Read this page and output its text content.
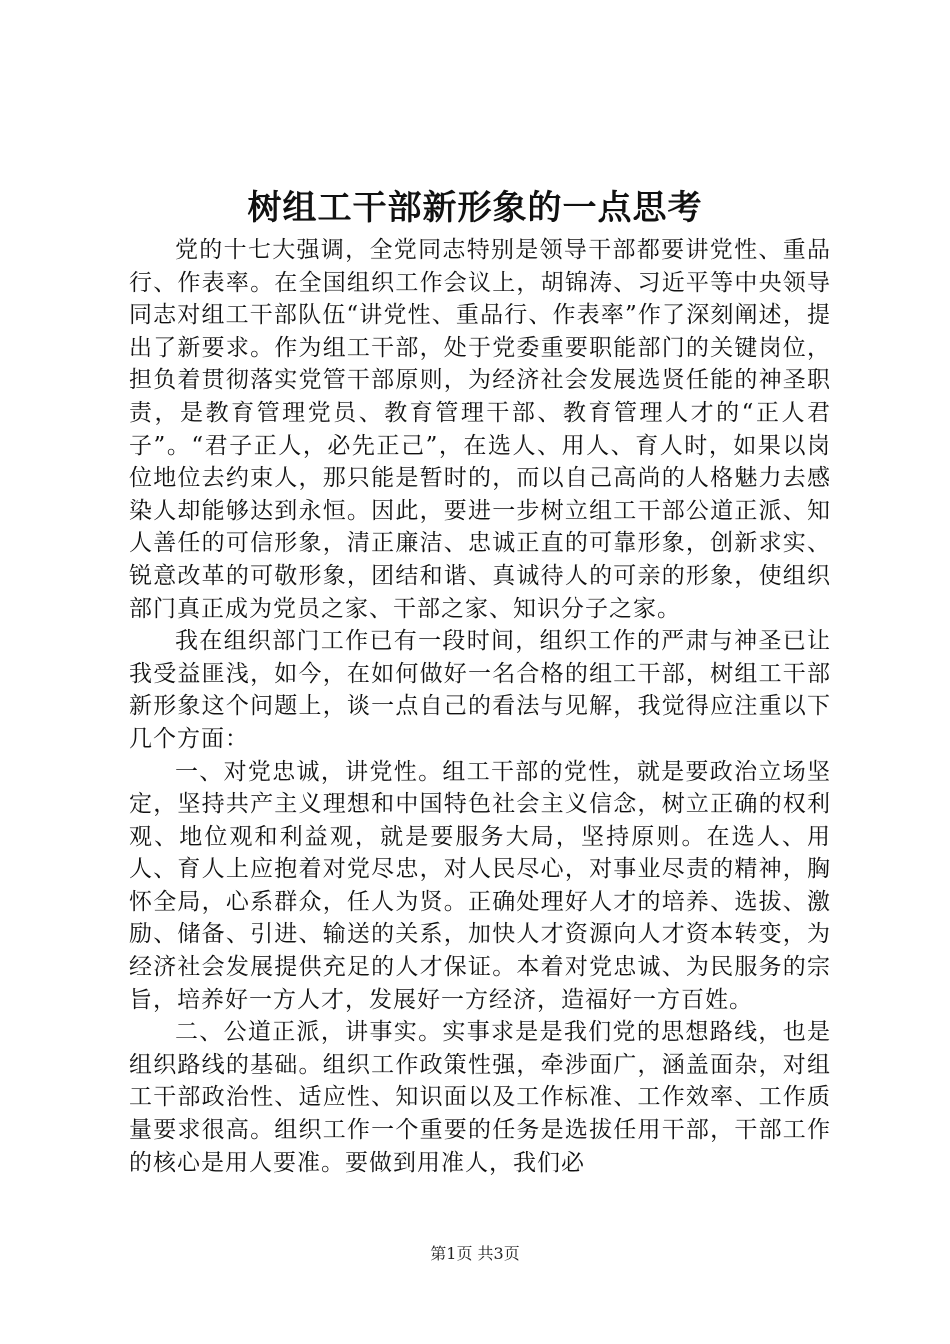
树组工干部新形象的一点思考

党的十七大强调，全党同志特别是领导干部都要讲党性、重品行、作表率。在全国组织工作会议上，胡锦涛、习近平等中央领导同志对组工干部队伍“讲党性、重品行、作表率”作了深刻阐述，提出了新要求。作为组工干部，处于党委重要职能部门的关键岗位，担负着贯彻落实党管干部原则，为经济社会发展选贤任能的神圣职责，是教育管理党员、教育管理干部、教育管理人才的“正人君子”。“君子正人，必先正己”，在选人、用人、育人时，如果以岗位地位去约束人，那只能是暂时的，而以自己高尚的人格魅力去感染人却能够达到永恒。因此，要进一步树立组工干部公道正派、知人善任的可信形象，清正廉洁、忠诚正直的可靠形象，创新求实、锐意改革的可敬形象，团结和谐、真诚待人的可亲的形象，使组织部门真正成为党员之家、干部之家、知识分子之家。

我在组织部门工作已有一段时间，组织工作的严肃与神圣已让我受益匪浅，如今，在如何做好一名合格的组工干部，树组工干部新形象这个问题上，谈一点自己的看法与见解，我觉得应注重以下几个方面：

一、对党忠诚，讲党性。组工干部的党性，就是要政治立场坚定，坚持共产主义理想和中国特色社会主义信念，树立正确的权利观、地位观和利益观，就是要服务大局，坚持原则。在选人、用人、育人上应抱着对党尽忠，对人民尽心，对事业尽责的精神，胸怀全局，心系群众，任人为贤。正确处理好人才的培养、选拔、激励、储备、引进、输送的关系，加快人才资源向人才资本转变，为经济社会发展提供充足的人才保证。本着对党忠诚、为民服务的宗旨，培养好一方人才，发展好一方经济，造福好一方百姓。

二、公道正派，讲事实。实事求是是我们党的思想路线，也是组织路线的基础。组织工作政策性强，牵涉面广，涵盖面杂，对组工干部政治性、适应性、知识面以及工作标准、工作效率、工作质量要求很高。组织工作一个重要的任务是选拔任用干部，干部工作的核心是用人要准。要做到用准人，我们必

第1页 共3页
